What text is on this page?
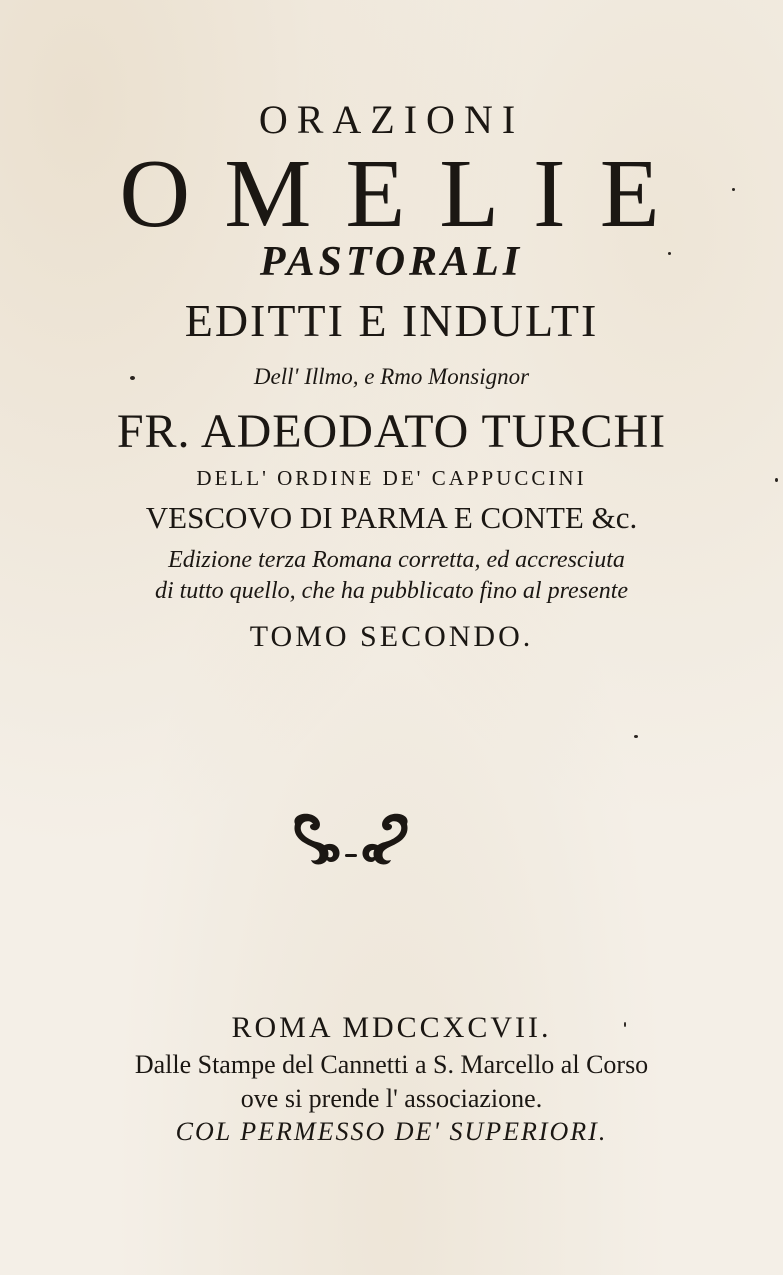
ORAZIONI
OMELIE
PASTORALI
EDITTI E INDULTI
Dell' Illmo, e Rmo Monsignor
FR. ADEODATO TURCHI
DELL' ORDINE DE' CAPPUCCINI
VESCOVO DI PARMA E CONTE &c.
Edizione terza Romana corretta, ed accresciuta
di tutto quello, che ha pubblicato fino al presente
TOMO SECONDO.
ROMA MDCCXCVII.
Dalle Stampe del Cannetti a S. Marcello al Corso
ove si prende l' associazione.
COL PERMESSO DE' SUPERIORI.
